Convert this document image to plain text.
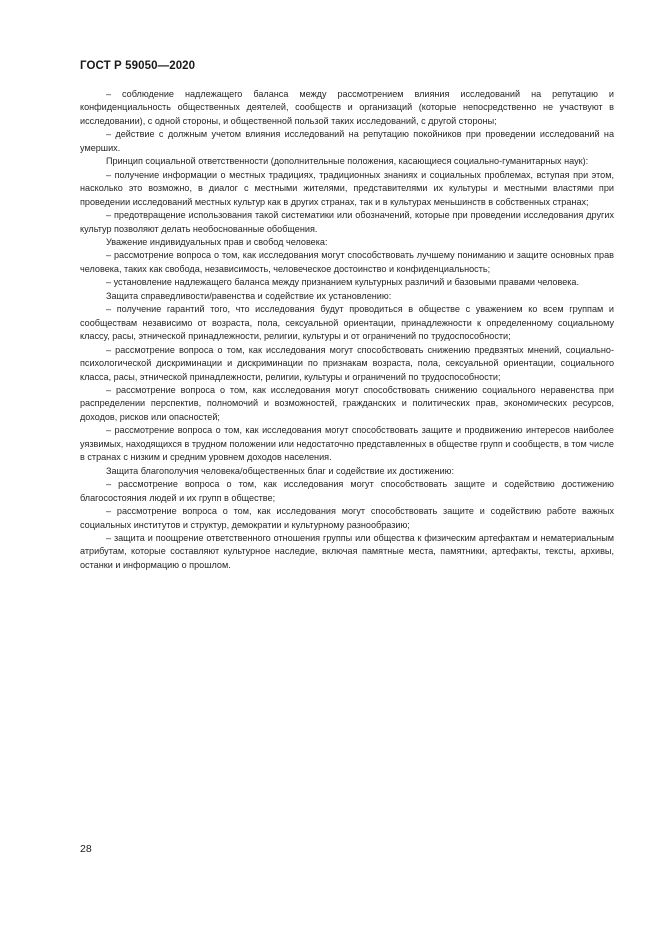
ГОСТ Р 59050—2020

– соблюдение надлежащего баланса между рассмотрением влияния исследований на репутацию и конфиденциальность общественных деятелей, сообществ и организаций (которые непосредственно не участвуют в исследовании), с одной стороны, и общественной пользой таких исследований, с другой стороны;

– действие с должным учетом влияния исследований на репутацию покойников при проведении исследований на умерших.

Принцип социальной ответственности (дополнительные положения, касающиеся социально-гуманитарных наук):

– получение информации о местных традициях, традиционных знаниях и социальных проблемах, вступая при этом, насколько это возможно, в диалог с местными жителями, представителями их культуры и местными властями при проведении исследований местных культур как в других странах, так и в культурах меньшинств в собственных странах;

– предотвращение использования такой систематики или обозначений, которые при проведении исследования других культур позволяют делать необоснованные обобщения.

Уважение индивидуальных прав и свобод человека:

– рассмотрение вопроса о том, как исследования могут способствовать лучшему пониманию и защите основных прав человека, таких как свобода, независимость, человеческое достоинство и конфиденциальность;

– установление надлежащего баланса между признанием культурных различий и базовыми правами человека.

Защита справедливости/равенства и содействие их установлению:

– получение гарантий того, что исследования будут проводиться в обществе с уважением ко всем группам и сообществам независимо от возраста, пола, сексуальной ориентации, принадлежности к определенному социальному классу, расы, этнической принадлежности, религии, культуры и от ограничений по трудоспособности;

– рассмотрение вопроса о том, как исследования могут способствовать снижению предвзятых мнений, социально-психологической дискриминации и дискриминации по признакам возраста, пола, сексуальной ориентации, социального класса, расы, этнической принадлежности, религии, культуры и ограничений по трудоспособности;

– рассмотрение вопроса о том, как исследования могут способствовать снижению социального неравенства при распределении перспектив, полномочий и возможностей, гражданских и политических прав, экономических ресурсов, доходов, рисков или опасностей;

– рассмотрение вопроса о том, как исследования могут способствовать защите и продвижению интересов наиболее уязвимых, находящихся в трудном положении или недостаточно представленных в обществе групп и сообществ, в том числе в странах с низким и средним уровнем доходов населения.

Защита благополучия человека/общественных благ и содействие их достижению:

– рассмотрение вопроса о том, как исследования могут способствовать защите и содействию достижению благосостояния людей и их групп в обществе;

– рассмотрение вопроса о том, как исследования могут способствовать защите и содействию работе важных социальных институтов и структур, демократии и культурному разнообразию;

– защита и поощрение ответственного отношения группы или общества к физическим артефактам и нематериальным атрибутам, которые составляют культурное наследие, включая памятные места, памятники, артефакты, тексты, архивы, останки и информацию о прошлом.

28
